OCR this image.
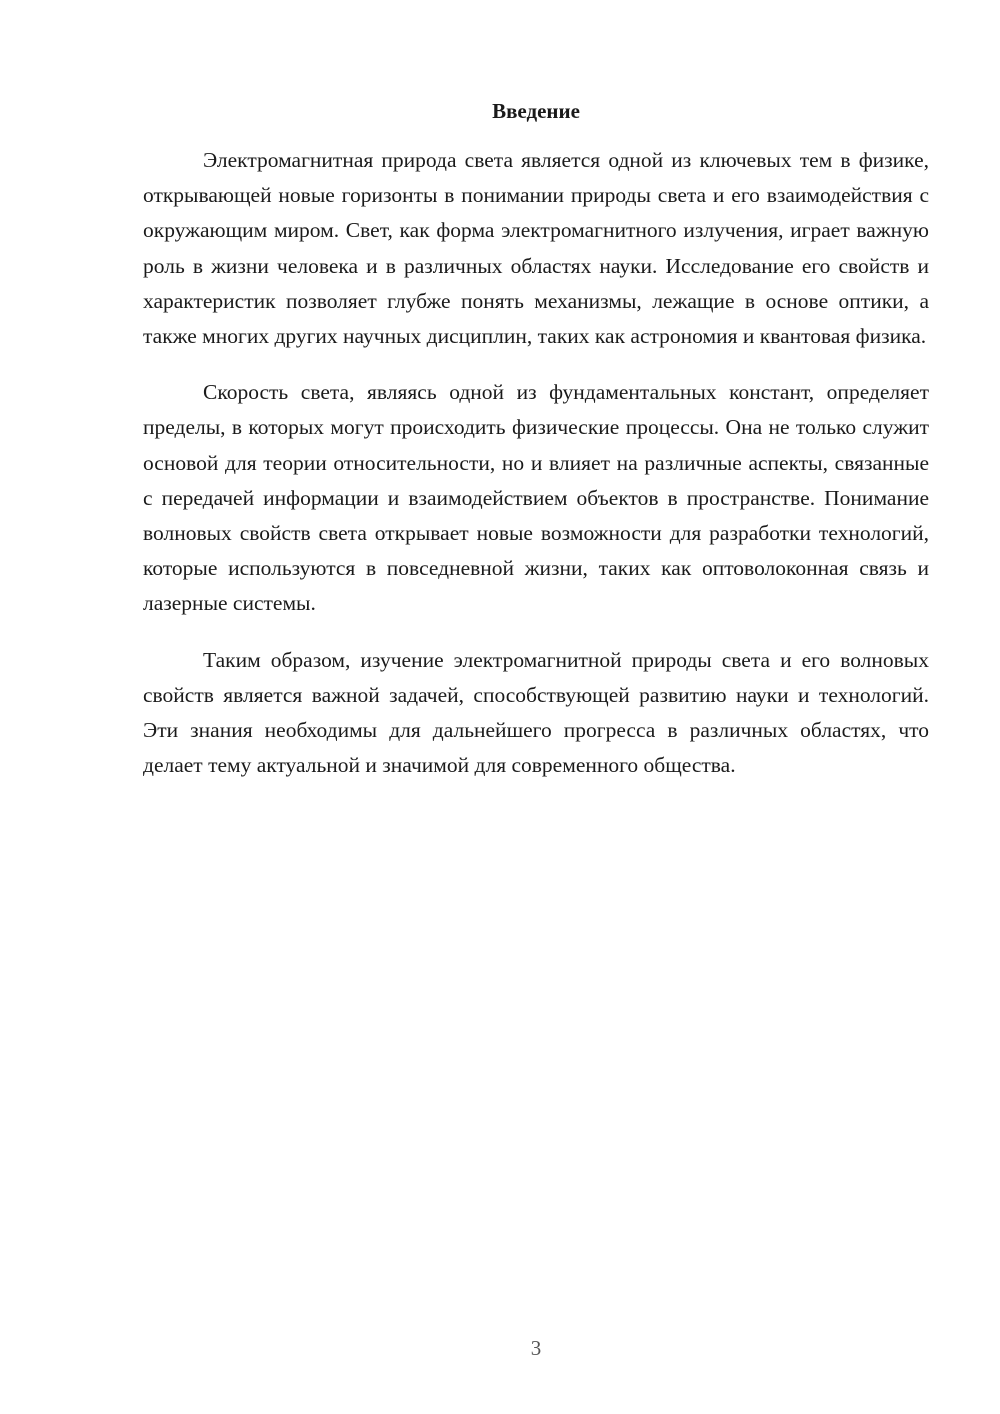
Введение

Электромагнитная природа света является одной из ключевых тем в физике, открывающей новые горизонты в понимании природы света и его взаимодействия с окружающим миром. Свет, как форма электромагнитного излучения, играет важную роль в жизни человека и в различных областях науки. Исследование его свойств и характеристик позволяет глубже понять механизмы, лежащие в основе оптики, а также многих других научных дисциплин, таких как астрономия и квантовая физика.

Скорость света, являясь одной из фундаментальных констант, определяет пределы, в которых могут происходить физические процессы. Она не только служит основой для теории относительности, но и влияет на различные аспекты, связанные с передачей информации и взаимодействием объектов в пространстве. Понимание волновых свойств света открывает новые возможности для разработки технологий, которые используются в повседневной жизни, таких как оптоволоконная связь и лазерные системы.

Таким образом, изучение электромагнитной природы света и его волновых свойств является важной задачей, способствующей развитию науки и технологий. Эти знания необходимы для дальнейшего прогресса в различных областях, что делает тему актуальной и значимой для современного общества.

3
